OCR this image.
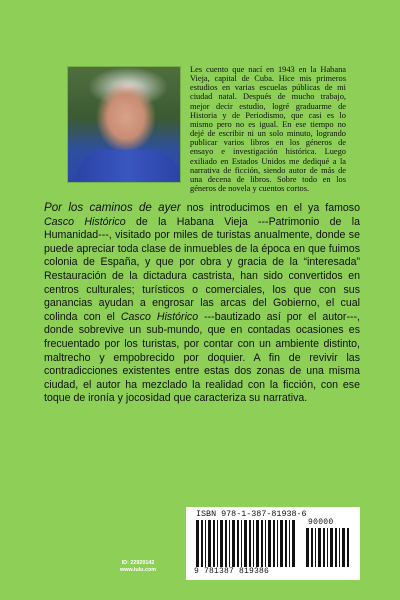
Les cuento que nací en 1943 en la Habana Vieja, capital de Cuba. Hice mis primeros estudios en varias escuelas públicas de mi ciudad natal. Después de mucho trabajo, mejor decir estudio, logré graduarme de Historia y de Periodismo, que casi es lo mismo pero no es igual. En ese tiempo no dejé de escribir ni un solo minuto, logrando publicar varios libros en los géneros de ensayo e investigación histórica. Luego exiliado en Estados Unidos me dediqué a la narrativa de ficción, siendo autor de más de una decena de libros. Sobre todo en los géneros de novela y cuentos cortos.

Por los caminos de ayer nos introducimos en el ya famoso Casco Histórico de la Habana Vieja ---Patrimonio de la Humanidad---, visitado por miles de turistas anualmente, donde se puede apreciar toda clase de inmuebles de la época en que fuimos colonia de España, y que por obra y gracia de la “interesada” Restauración de la dictadura castrista, han sido convertidos en centros culturales; turísticos o comerciales, los que con sus ganancias ayudan a engrosar las arcas del Gobierno, el cual colinda con el Casco Histórico ---bautizado así por el autor---, donde sobrevive un sub-mundo, que en contadas ocasiones es frecuentado por los turistas, por contar con un ambiente distinto, maltrecho y empobrecido por doquier. A fin de revivir las contradicciones existentes entre estas dos zonas de una misma ciudad, el autor ha mezclado la realidad con la ficción, con ese toque de ironía y jocosidad que caracteriza su narrativa.

ID: 22920142
www.lulu.com

ISBN 978-1-387-81938-6
90000
9 781387 819386
